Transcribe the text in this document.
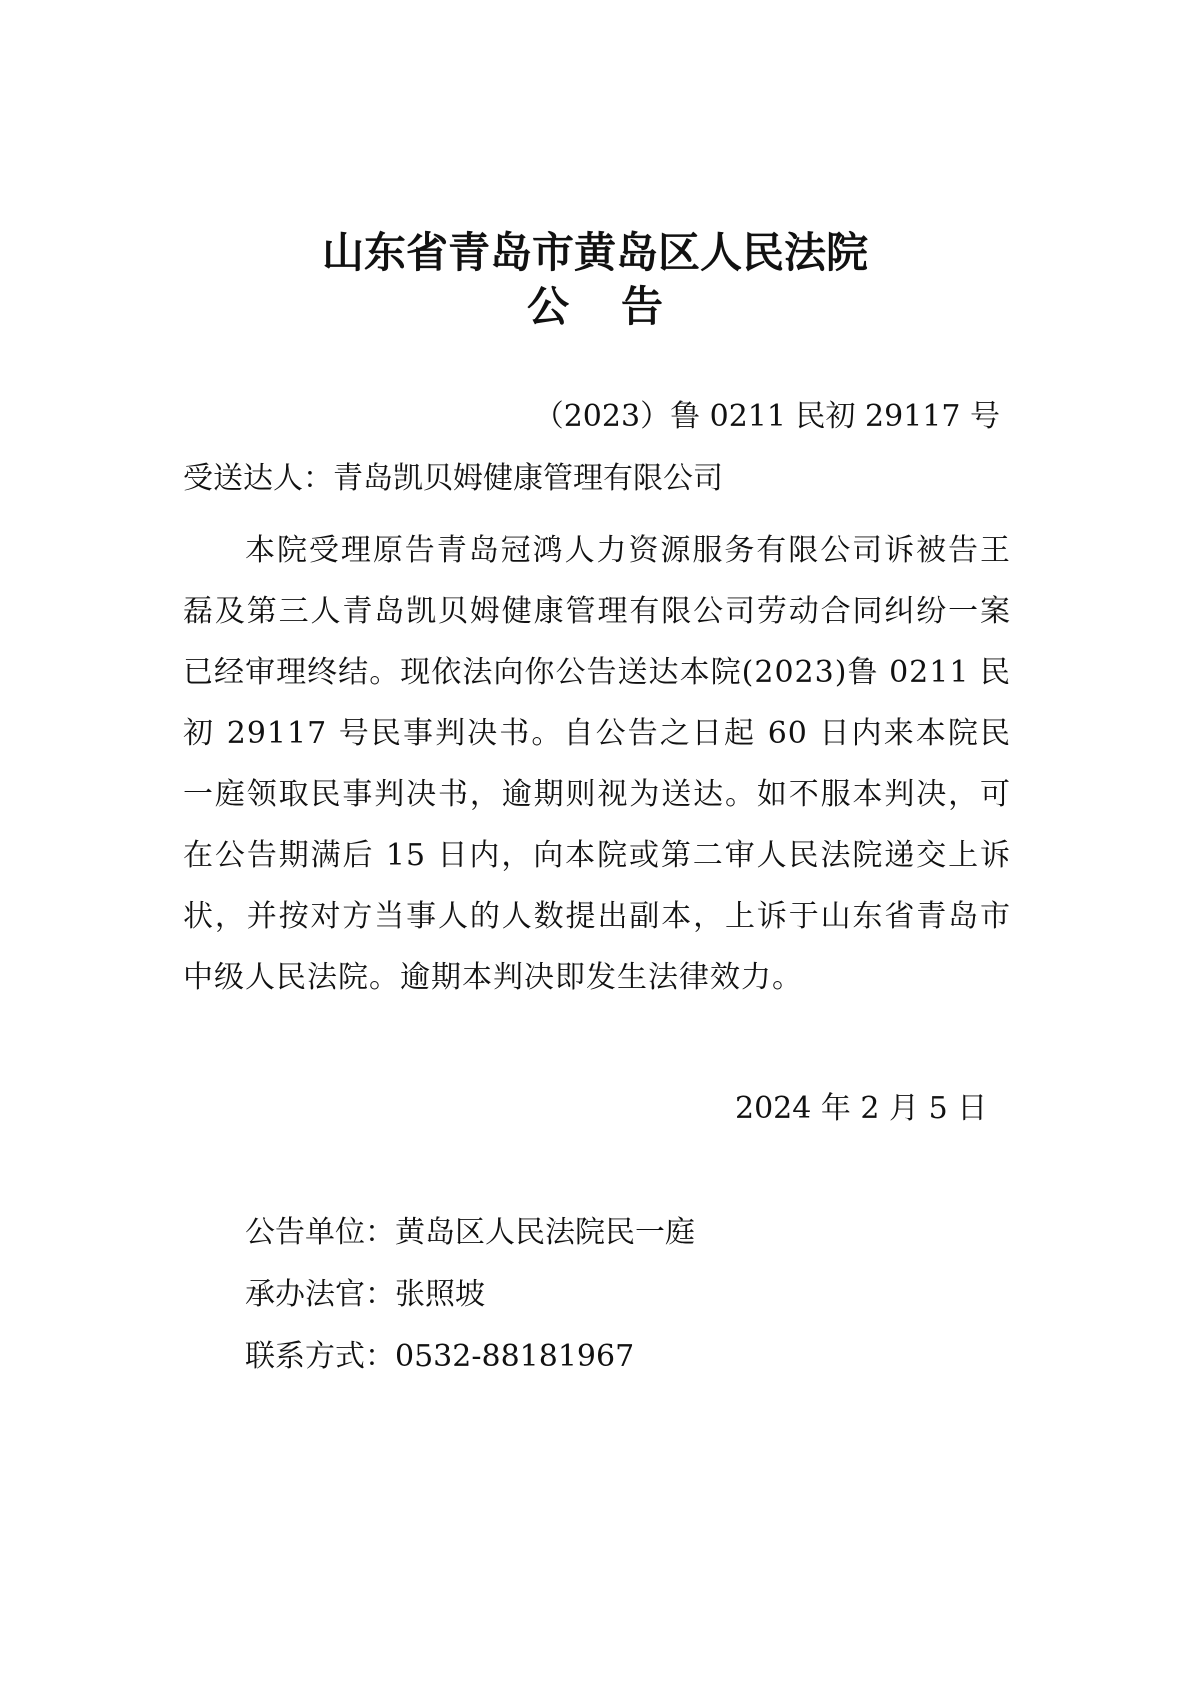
山东省青岛市黄岛区人民法院
公告
（2023）鲁 0211 民初 29117 号
受送达人：青岛凯贝姆健康管理有限公司
本院受理原告青岛冠鸿人力资源服务有限公司诉被告王磊及第三人青岛凯贝姆健康管理有限公司劳动合同纠纷一案已经审理终结。现依法向你公告送达本院(2023)鲁 0211 民初 29117 号民事判决书。自公告之日起 60 日内来本院民一庭领取民事判决书，逾期则视为送达。如不服本判决，可在公告期满后 15 日内，向本院或第二审人民法院递交上诉状，并按对方当事人的人数提出副本，上诉于山东省青岛市中级人民法院。逾期本判决即发生法律效力。
2024 年 2 月 5 日
公告单位：黄岛区人民法院民一庭
承办法官：张照坡
联系方式：0532-88181967
